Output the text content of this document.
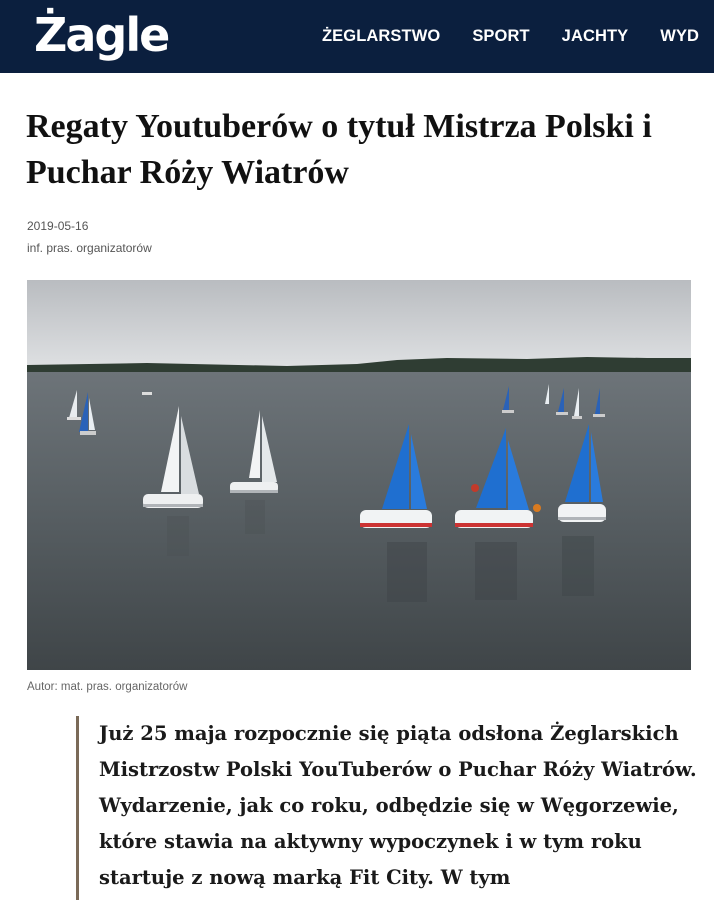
Żagle	ŻEGLARSTWO SPORT JACHTY WYD
Regaty Youtuberów o tytuł Mistrza Polski i Puchar Róży Wiatrów
2019-05-16
inf. pras. organizatorów
Autor: mat. pras. organizatorów

Już 25 maja rozpocznie się piąta odsłona Żeglarskich Mistrzostw Polski YouTuberów o Puchar Róży Wiatrów. Wydarzenie, jak co roku, odbędzie się w Węgorzewie, które stawia na aktywny wypoczynek i w tym roku startuje z nową marką Fit City. W tym
